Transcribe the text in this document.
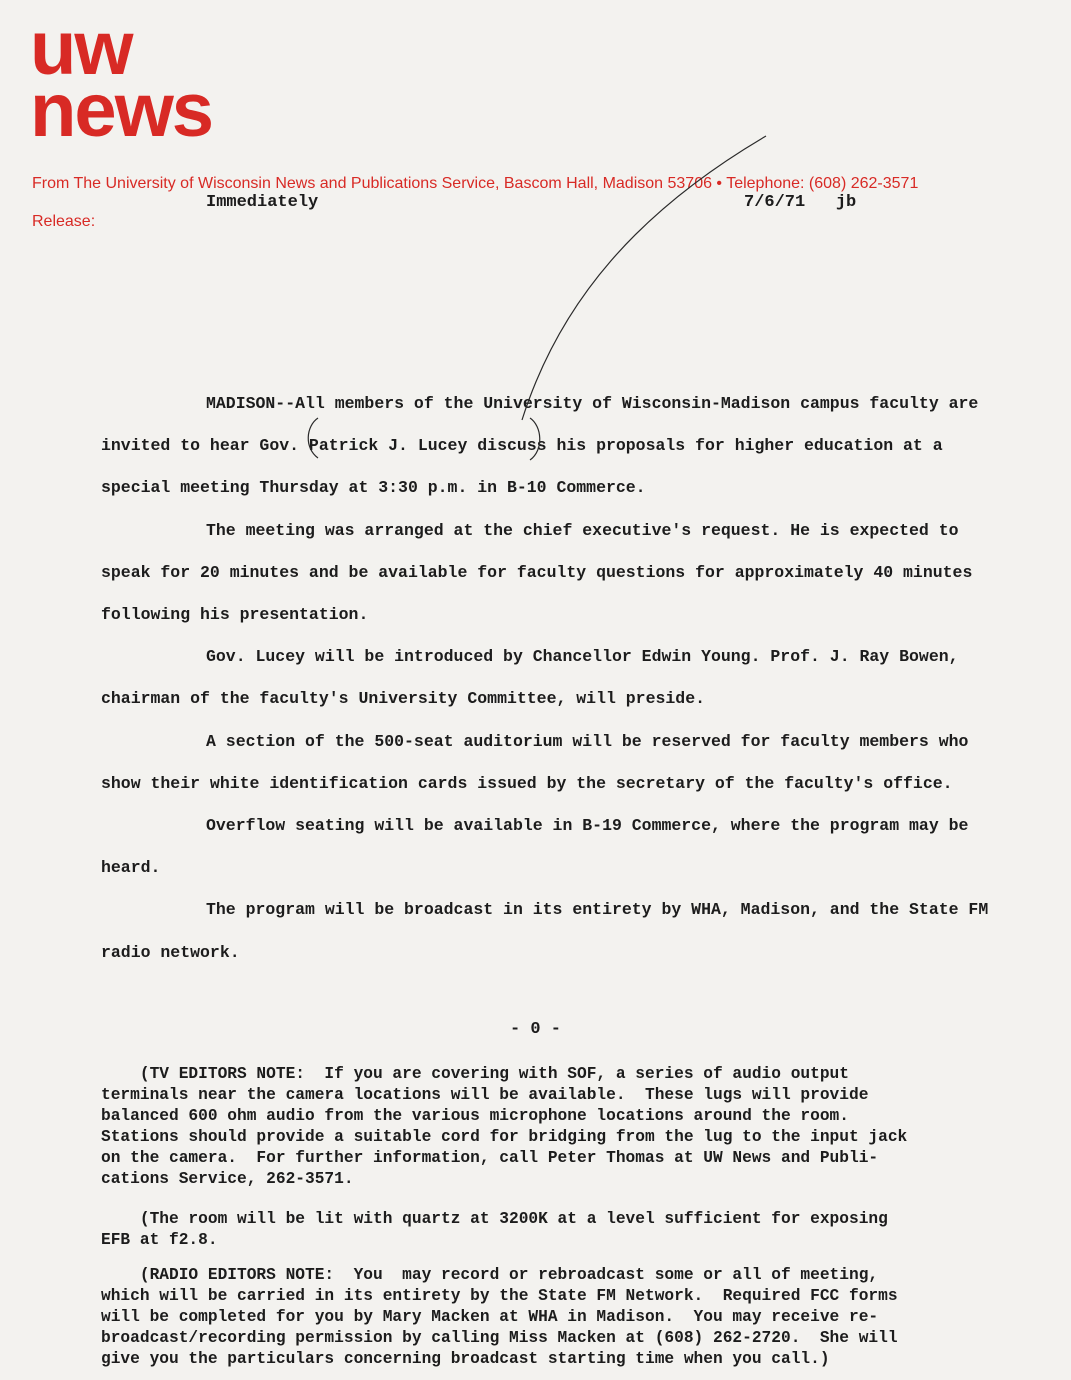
uw
news
From The University of Wisconsin News and Publications Service, Bascom Hall, Madison 53706 • Telephone: (608) 262-3571
Release:
Immediately	7/6/71 jb

MADISON--All members of the University of Wisconsin-Madison campus faculty are invited to hear Gov. Patrick J. Lucey discuss his proposals for higher education at a special meeting Thursday at 3:30 p.m. in B-10 Commerce.

The meeting was arranged at the chief executive's request. He is expected to speak for 20 minutes and be available for faculty questions for approximately 40 minutes following his presentation.

Gov. Lucey will be introduced by Chancellor Edwin Young. Prof. J. Ray Bowen, chairman of the faculty's University Committee, will preside.

A section of the 500-seat auditorium will be reserved for faculty members who show their white identification cards issued by the secretary of the faculty's office.

Overflow seating will be available in B-19 Commerce, where the program may be heard.

The program will be broadcast in its entirety by WHA, Madison, and the State FM radio network.

- 0 -

(TV EDITORS NOTE:  If you are covering with SOF, a series of audio output
terminals near the camera locations will be available.  These lugs will provide
balanced 600 ohm audio from the various microphone locations around the room.
Stations should provide a suitable cord for bridging from the lug to the input jack
on the camera.  For further information, call Peter Thomas at UW News and Publi-
cations Service, 262-3571.

(The room will be lit with quartz at 3200K at a level sufficient for exposing
EFB at f2.8.

(RADIO EDITORS NOTE:  You  may record or rebroadcast some or all of meeting,
which will be carried in its entirety by the State FM Network.  Required FCC forms
will be completed for you by Mary Macken at WHA in Madison.  You may receive re-
broadcast/recording permission by calling Miss Macken at (608) 262-2720.  She will
give you the particulars concerning broadcast starting time when you call.)
